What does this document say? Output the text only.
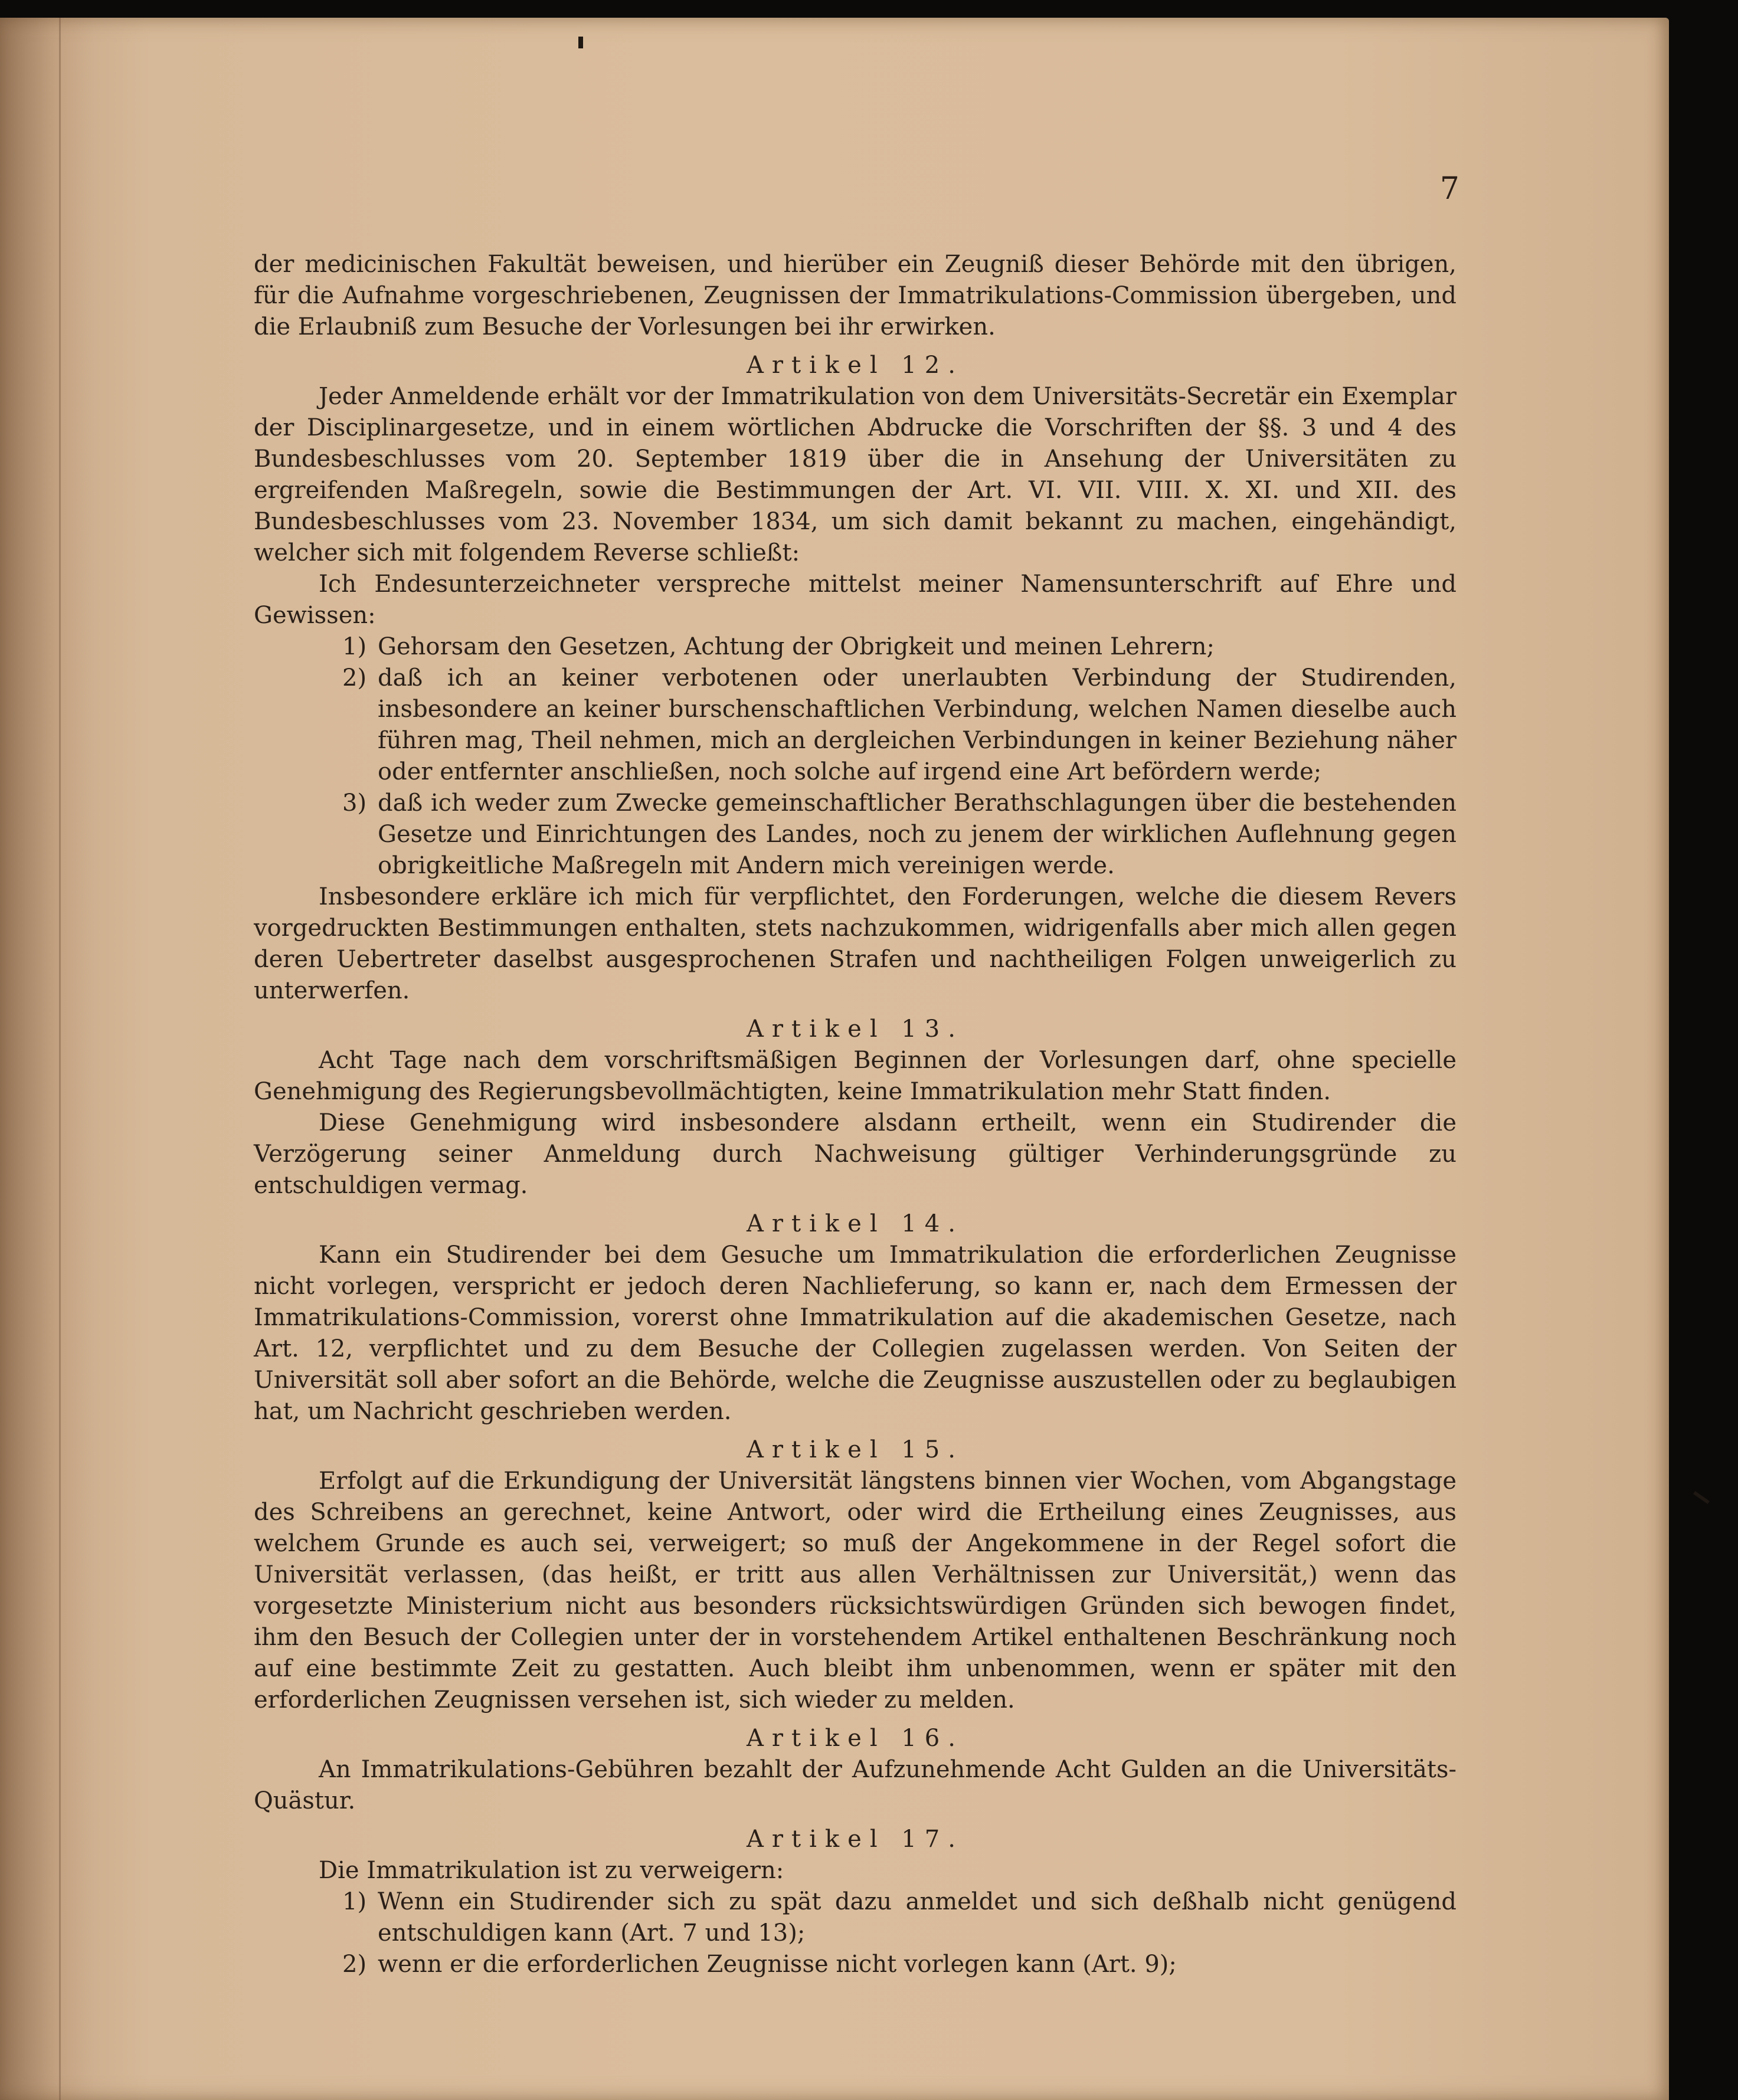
7

der medicinischen Fakultät beweisen, und hierüber ein Zeugniß dieser Behörde mit den übrigen, für die Aufnahme vorgeschriebenen, Zeugnissen der Immatrikulations-Commission übergeben, und die Erlaubniß zum Besuche der Vorlesungen bei ihr erwirken.

Artikel 12.

Jeder Anmeldende erhält vor der Immatrikulation von dem Universitäts-Secretär ein Exemplar der Disciplinargesetze, und in einem wörtlichen Abdrucke die Vorschriften der §§. 3 und 4 des Bundesbeschlusses vom 20. September 1819 über die in Ansehung der Universitäten zu ergreifenden Maßregeln, sowie die Bestimmungen der Art. VI. VII. VIII. X. XI. und XII. des Bundesbeschlusses vom 23. November 1834, um sich damit bekannt zu machen, eingehändigt, welcher sich mit folgendem Reverse schließt:

Ich Endesunterzeichneter verspreche mittelst meiner Namensunterschrift auf Ehre und Gewissen:

1) Gehorsam den Gesetzen, Achtung der Obrigkeit und meinen Lehrern;
2) daß ich an keiner verbotenen oder unerlaubten Verbindung der Studirenden, insbesondere an keiner burschenschaftlichen Verbindung, welchen Namen dieselbe auch führen mag, Theil nehmen, mich an dergleichen Verbindungen in keiner Beziehung näher oder entfernter anschließen, noch solche auf irgend eine Art befördern werde;
3) daß ich weder zum Zwecke gemeinschaftlicher Berathschlagungen über die bestehenden Gesetze und Einrichtungen des Landes, noch zu jenem der wirklichen Auflehnung gegen obrigkeitliche Maßregeln mit Andern mich vereinigen werde.

Insbesondere erkläre ich mich für verpflichtet, den Forderungen, welche die diesem Revers vorgedruckten Bestimmungen enthalten, stets nachzukommen, widrigenfalls aber mich allen gegen deren Uebertreter daselbst ausgesprochenen Strafen und nachtheiligen Folgen unweigerlich zu unterwerfen.

Artikel 13.

Acht Tage nach dem vorschriftsmäßigen Beginnen der Vorlesungen darf, ohne specielle Genehmigung des Regierungsbevollmächtigten, keine Immatrikulation mehr Statt finden.

Diese Genehmigung wird insbesondere alsdann ertheilt, wenn ein Studirender die Verzögerung seiner Anmeldung durch Nachweisung gültiger Verhinderungsgründe zu entschuldigen vermag.

Artikel 14.

Kann ein Studirender bei dem Gesuche um Immatrikulation die erforderlichen Zeugnisse nicht vorlegen, verspricht er jedoch deren Nachlieferung, so kann er, nach dem Ermessen der Immatrikulations-Commission, vorerst ohne Immatrikulation auf die akademischen Gesetze, nach Art. 12, verpflichtet und zu dem Besuche der Collegien zugelassen werden. Von Seiten der Universität soll aber sofort an die Behörde, welche die Zeugnisse auszustellen oder zu beglaubigen hat, um Nachricht geschrieben werden.

Artikel 15.

Erfolgt auf die Erkundigung der Universität längstens binnen vier Wochen, vom Abgangstage des Schreibens an gerechnet, keine Antwort, oder wird die Ertheilung eines Zeugnisses, aus welchem Grunde es auch sei, verweigert; so muß der Angekommene in der Regel sofort die Universität verlassen, (das heißt, er tritt aus allen Verhältnissen zur Universität,) wenn das vorgesetzte Ministerium nicht aus besonders rücksichtswürdigen Gründen sich bewogen findet, ihm den Besuch der Collegien unter der in vorstehendem Artikel enthaltenen Beschränkung noch auf eine bestimmte Zeit zu gestatten. Auch bleibt ihm unbenommen, wenn er später mit den erforderlichen Zeugnissen versehen ist, sich wieder zu melden.

Artikel 16.

An Immatrikulations-Gebühren bezahlt der Aufzunehmende Acht Gulden an die Universitäts-Quästur.

Artikel 17.

Die Immatrikulation ist zu verweigern:

1) Wenn ein Studirender sich zu spät dazu anmeldet und sich deßhalb nicht genügend entschuldigen kann (Art. 7 und 13);
2) wenn er die erforderlichen Zeugnisse nicht vorlegen kann (Art. 9);
